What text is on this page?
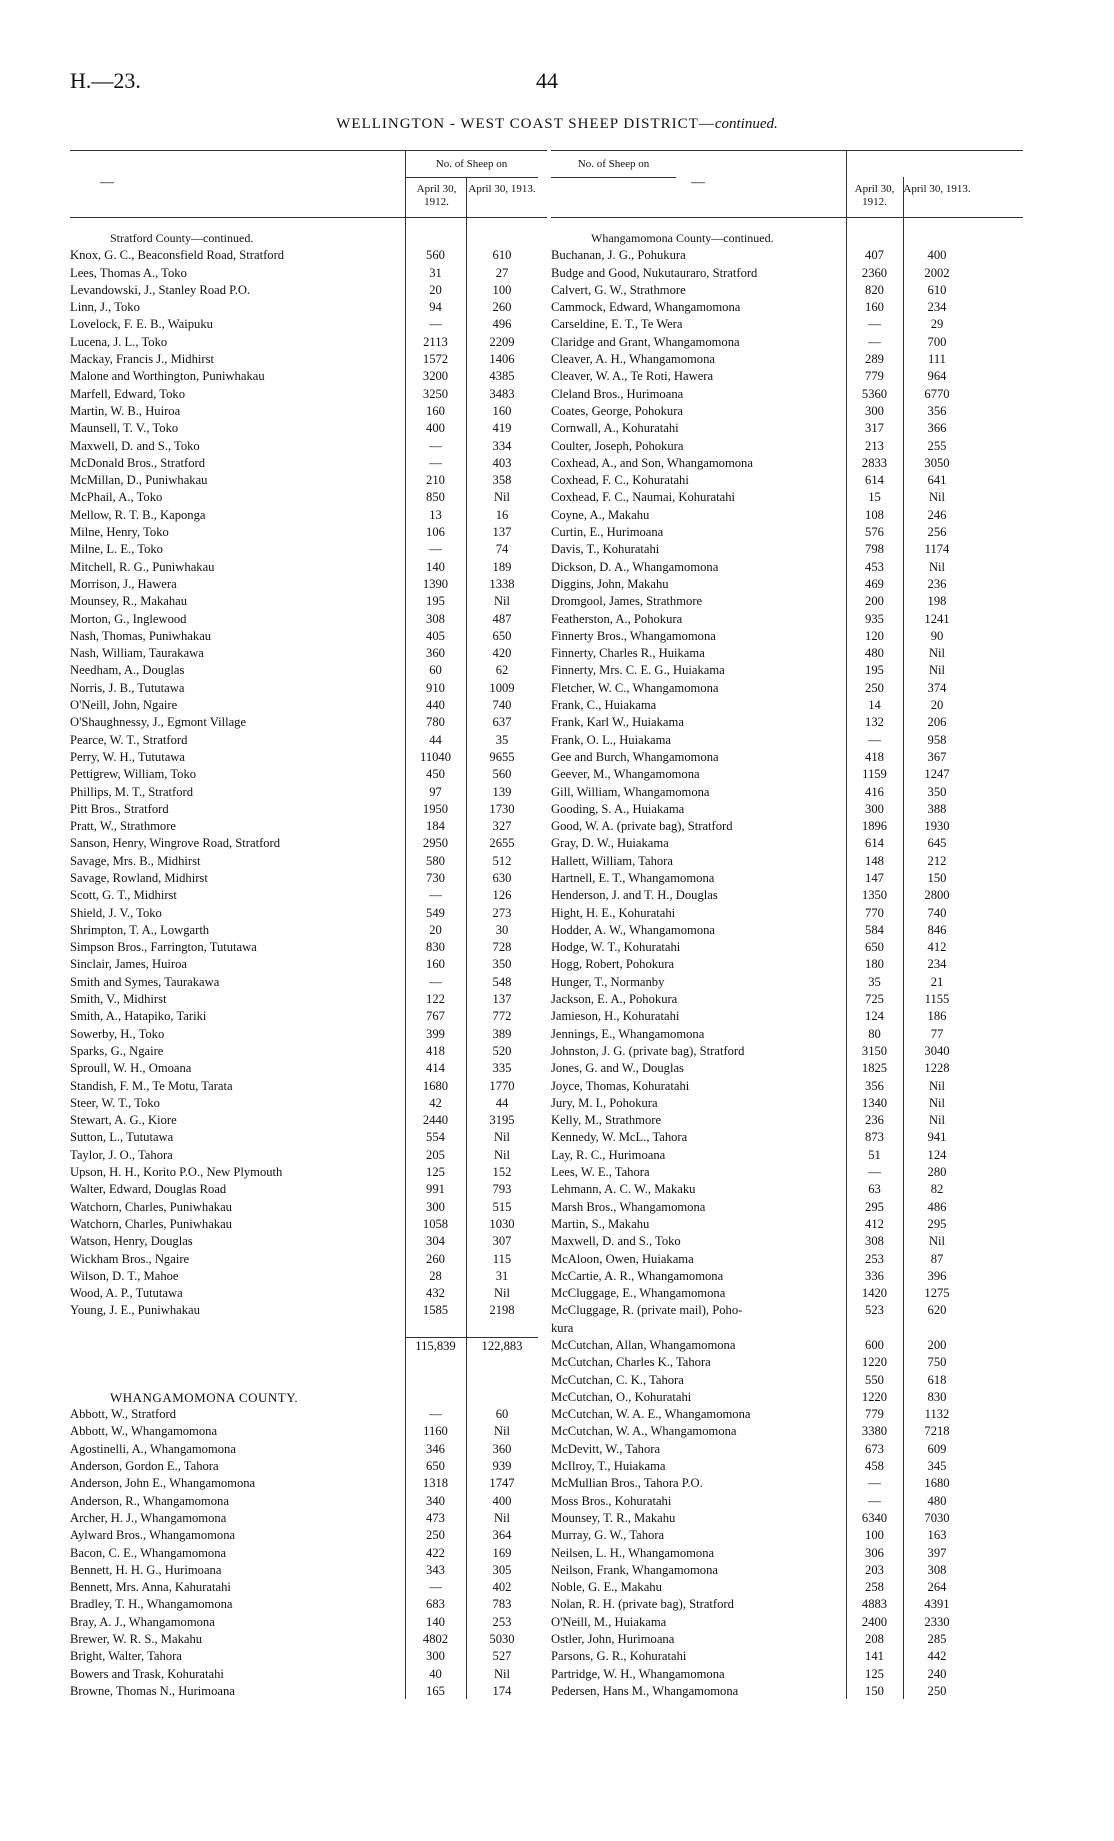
H.—23.	44
WELLINGTON - WEST COAST SHEEP DISTRICT—continued.
—
No. of Sheep on
April 30, 1912.
April 30, 1913.
Stratford County—continued.
Knox, G. C., Beaconsfield Road, Stratford	560	610
Lees, Thomas A., Toko	31	27
Levandowski, J., Stanley Road P.O.	20	100
Linn, J., Toko	94	260
Lovelock, F. E. B., Waipuku	—	496
Lucena, J. L., Toko	2113	2209
Mackay, Francis J., Midhirst	1572	1406
Malone and Worthington, Puniwhakau	3200	4385
Marfell, Edward, Toko	3250	3483
Martin, W. B., Huiroa	160	160
Maunsell, T. V., Toko	400	419
Maxwell, D. and S., Toko	—	334
McDonald Bros., Stratford	—	403
McMillan, D., Puniwhakau	210	358
McPhail, A., Toko	850	Nil
Mellow, R. T. B., Kaponga	13	16
Milne, Henry, Toko	106	137
Milne, L. E., Toko	—	74
Mitchell, R. G., Puniwhakau	140	189
Morrison, J., Hawera	1390	1338
Mounsey, R., Makahau	195	Nil
Morton, G., Inglewood	308	487
Nash, Thomas, Puniwhakau	405	650
Nash, William, Taurakawa	360	420
Needham, A., Douglas	60	62
Norris, J. B., Tututawa	910	1009
O'Neill, John, Ngaire	440	740
O'Shaughnessy, J., Egmont Village	780	637
Pearce, W. T., Stratford	44	35
Perry, W. H., Tututawa	11040	9655
Pettigrew, William, Toko	450	560
Phillips, M. T., Stratford	97	139
Pitt Bros., Stratford	1950	1730
Pratt, W., Strathmore	184	327
Sanson, Henry, Wingrove Road, Stratford	2950	2655
Savage, Mrs. B., Midhirst	580	512
Savage, Rowland, Midhirst	730	630
Scott, G. T., Midhirst	—	126
Shield, J. V., Toko	549	273
Shrimpton, T. A., Lowgarth	20	30
Simpson Bros., Farrington, Tututawa	830	728
Sinclair, James, Huiroa	160	350
Smith and Symes, Taurakawa	—	548
Smith, V., Midhirst	122	137
Smith, A., Hatapiko, Tariki	767	772
Sowerby, H., Toko	399	389
Sparks, G., Ngaire	418	520
Sproull, W. H., Omoana	414	335
Standish, F. M., Te Motu, Tarata	1680	1770
Steer, W. T., Toko	42	44
Stewart, A. G., Kiore	2440	3195
Sutton, L., Tututawa	554	Nil
Taylor, J. O., Tahora	205	Nil
Upson, H. H., Korito P.O., New Plymouth	125	152
Walter, Edward, Douglas Road	991	793
Watchorn, Charles, Puniwhakau	300	515
Watchorn, Charles, Puniwhakau	1058	1030
Watson, Henry, Douglas	304	307
Wickham Bros., Ngaire	260	115
Wilson, D. T., Mahoe	28	31
Wood, A. P., Tututawa	432	Nil
Young, J. E., Puniwhakau	1585	2198
115,839	122,883
WHANGAMOMONA COUNTY.
Abbott, W., Stratford	—	60
Abbott, W., Whangamomona	1160	Nil
Agostinelli, A., Whangamomona	346	360
Anderson, Gordon E., Tahora	650	939
Anderson, John E., Whangamomona	1318	1747
Anderson, R., Whangamomona	340	400
Archer, H. J., Whangamomona	473	Nil
Aylward Bros., Whangamomona	250	364
Bacon, C. E., Whangamomona	422	169
Bennett, H. H. G., Hurimoana	343	305
Bennett, Mrs. Anna, Kahuratahi	—	402
Bradley, T. H., Whangamomona	683	783
Bray, A. J., Whangamomona	140	253
Brewer, W. R. S., Makahu	4802	5030
Bright, Walter, Tahora	300	527
Bowers and Trask, Kohuratahi	40	Nil
Browne, Thomas N., Hurimoana	165	174
—
No. of Sheep on
April 30, 1912.
April 30, 1913.
Whangamomona County—continued.
Buchanan, J. G., Pohukura	407	400
Budge and Good, Nukutauraro, Stratford	2360	2002
Calvert, G. W., Strathmore	820	610
Cammock, Edward, Whangamomona	160	234
Carseldine, E. T., Te Wera	—	29
Claridge and Grant, Whangamomona	—	700
Cleaver, A. H., Whangamomona	289	111
Cleaver, W. A., Te Roti, Hawera	779	964
Cleland Bros., Hurimoana	5360	6770
Coates, George, Pohokura	300	356
Cornwall, A., Kohuratahi	317	366
Coulter, Joseph, Pohokura	213	255
Coxhead, A., and Son, Whangamomona	2833	3050
Coxhead, F. C., Kohuratahi	614	641
Coxhead, F. C., Naumai, Kohuratahi	15	Nil
Coyne, A., Makahu	108	246
Curtin, E., Hurimoana	576	256
Davis, T., Kohuratahi	798	1174
Dickson, D. A., Whangamomona	453	Nil
Diggins, John, Makahu	469	236
Dromgool, James, Strathmore	200	198
Featherston, A., Pohokura	935	1241
Finnerty Bros., Whangamomona	120	90
Finnerty, Charles R., Huikama	480	Nil
Finnerty, Mrs. C. E. G., Huiakama	195	Nil
Fletcher, W. C., Whangamomona	250	374
Frank, C., Huiakama	14	20
Frank, Karl W., Huiakama	132	206
Frank, O. L., Huiakama	—	958
Gee and Burch, Whangamomona	418	367
Geever, M., Whangamomona	1159	1247
Gill, William, Whangamomona	416	350
Gooding, S. A., Huiakama	300	388
Good, W. A. (private bag), Stratford	1896	1930
Gray, D. W., Huiakama	614	645
Hallett, William, Tahora	148	212
Hartnell, E. T., Whangamomona	147	150
Henderson, J. and T. H., Douglas	1350	2800
Hight, H. E., Kohuratahi	770	740
Hodder, A. W., Whangamomona	584	846
Hodge, W. T., Kohuratahi	650	412
Hogg, Robert, Pohokura	180	234
Hunger, T., Normanby	35	21
Jackson, E. A., Pohokura	725	1155
Jamieson, H., Kohuratahi	124	186
Jennings, E., Whangamomona	80	77
Johnston, J. G. (private bag), Stratford	3150	3040
Jones, G. and W., Douglas	1825	1228
Joyce, Thomas, Kohuratahi	356	Nil
Jury, M. I., Pohokura	1340	Nil
Kelly, M., Strathmore	236	Nil
Kennedy, W. McL., Tahora	873	941
Lay, R. C., Hurimoana	51	124
Lees, W. E., Tahora	—	280
Lehmann, A. C. W., Makaku	63	82
Marsh Bros., Whangamomona	295	486
Martin, S., Makahu	412	295
Maxwell, D. and S., Toko	308	Nil
McAloon, Owen, Huiakama	253	87
McCartie, A. R., Whangamomona	336	396
McCluggage, E., Whangamomona	1420	1275
McCluggage, R. (private mail), Poho-	523	620
kura
McCutchan, Allan, Whangamomona	600	200
McCutchan, Charles K., Tahora	1220	750
McCutchan, C. K., Tahora	550	618
McCutchan, O., Kohuratahi	1220	830
McCutchan, W. A. E., Whangamomona	779	1132
McCutchan, W. A., Whangamomona	3380	7218
McDevitt, W., Tahora	673	609
McIlroy, T., Huiakama	458	345
McMullian Bros., Tahora P.O.	—	1680
Moss Bros., Kohuratahi	—	480
Mounsey, T. R., Makahu	6340	7030
Murray, G. W., Tahora	100	163
Neilsen, L. H., Whangamomona	306	397
Neilson, Frank, Whangamomona	203	308
Noble, G. E., Makahu	258	264
Nolan, R. H. (private bag), Stratford	4883	4391
O'Neill, M., Huiakama	2400	2330
Ostler, John, Hurimoana	208	285
Parsons, G. R., Kohuratahi	141	442
Partridge, W. H., Whangamomona	125	240
Pedersen, Hans M., Whangamomona	150	250
